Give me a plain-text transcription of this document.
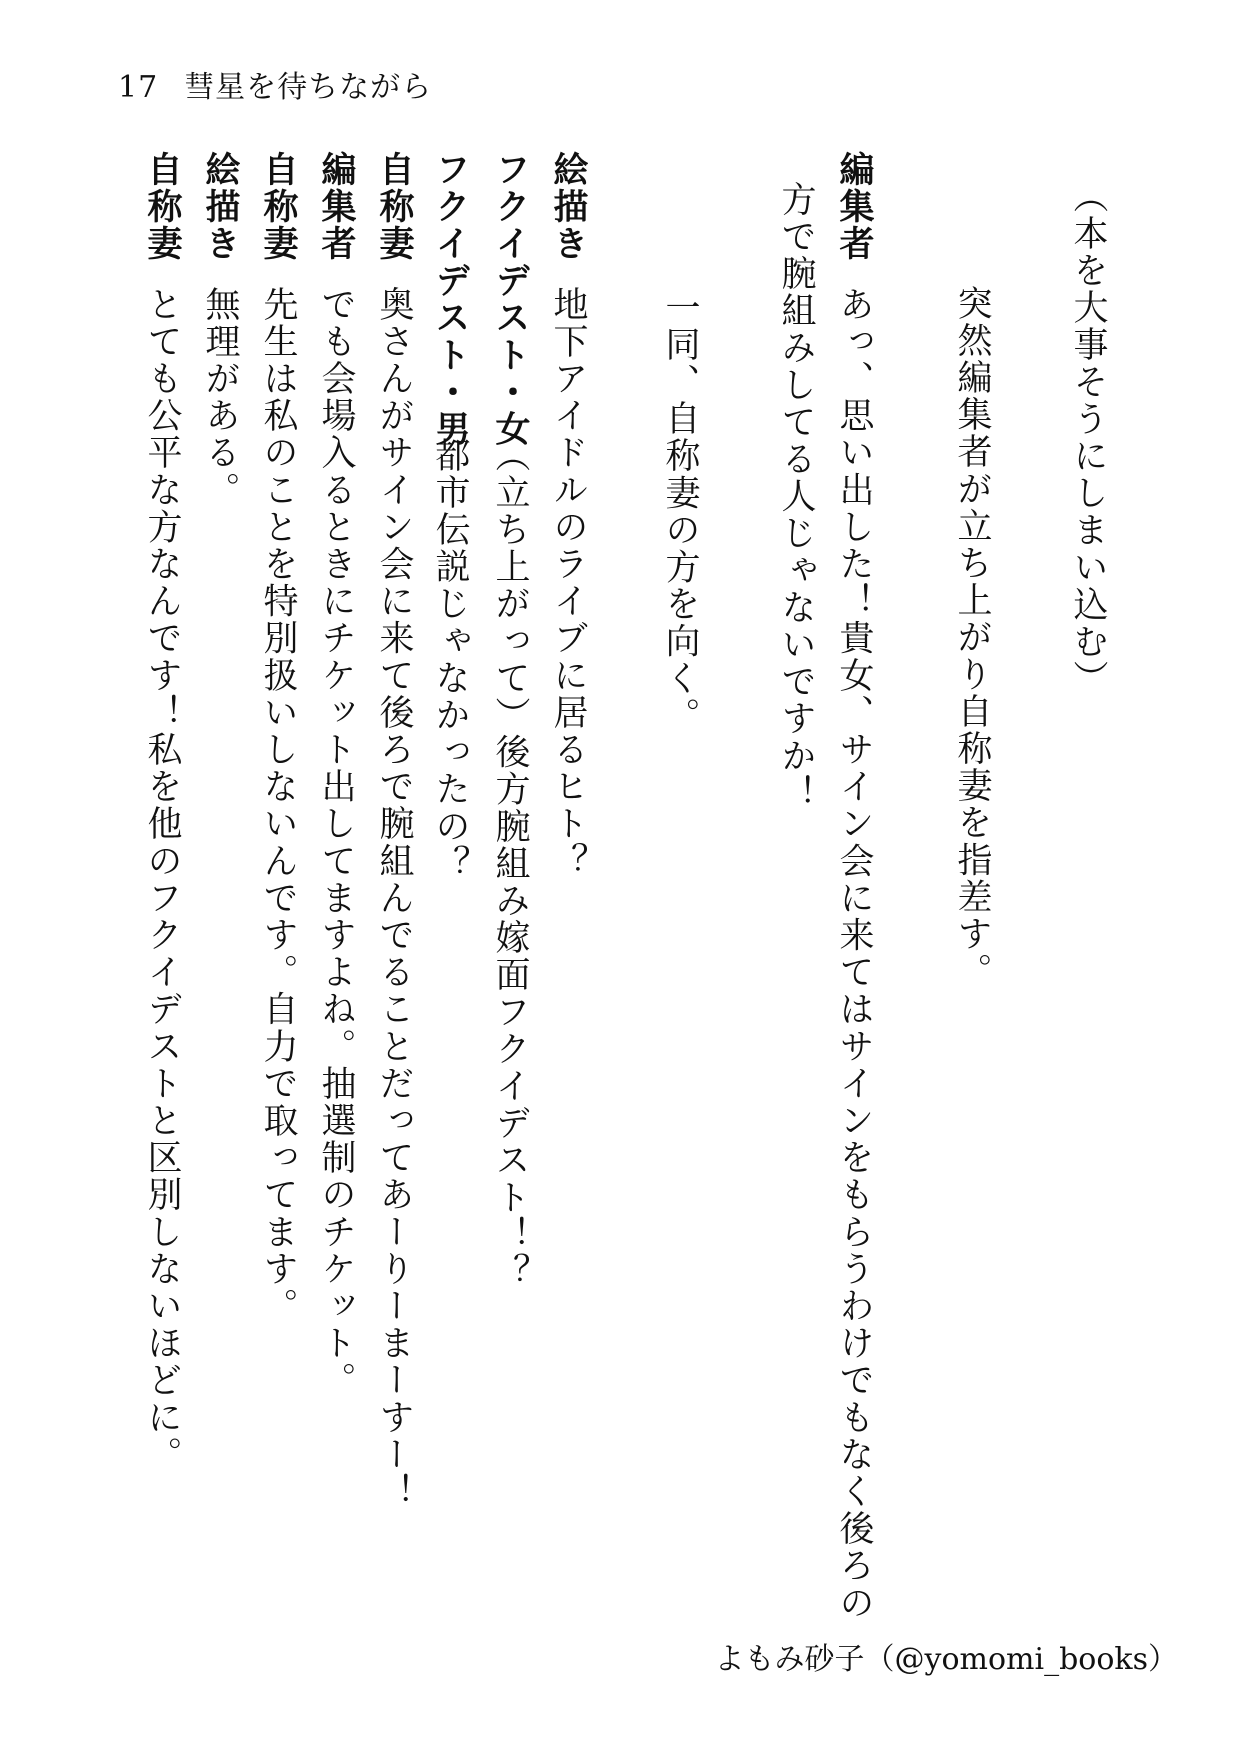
17 彗星を待ちながら
（本を大事そうにしまい込む）
突然編集者が立ち上がり自称妻を指差す。
編集者
方で腕組みしてる人じゃないですか！ あっ、思い出した！貴女、サイン会に来てはサインをもらうわけでもなく後ろの
一同、自称妻の方を向く。
絵描き
地下アイドルのライブに居るヒト？
フクイデスト・女
（立ち上がって）後方腕組み嫁面フクイデスト！？
フクイデスト・男
都市伝説じゃなかったの？
自称妻
奥さんがサイン会に来て後ろで腕組んでることだってあーりーまーすー！
編集者
でも会場入るときにチケット出してますよね。抽選制のチケット。
自称妻
先生は私のことを特別扱いしないんです。自力で取ってます。
絵描き
無理がある。
自称妻
とても公平な方なんです！私を他のフクイデストと区別しないほどに。
よもみ砂子（@yomomi_books）
